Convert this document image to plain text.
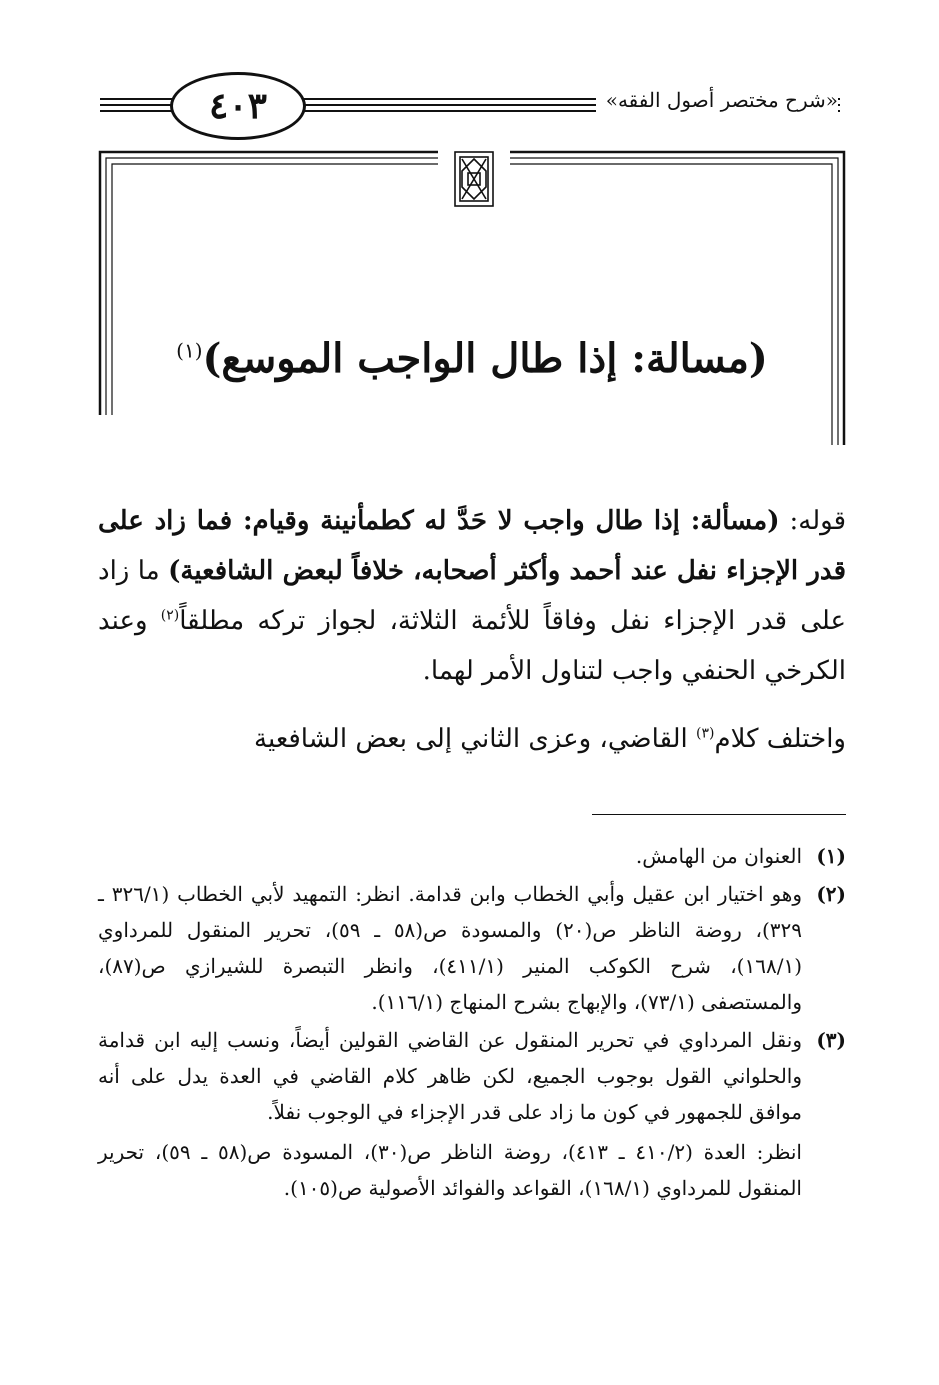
٤٠٣	«شرح مختصر أصول الفقه»
(مسالة: إذا طال الواجب الموسع)$^{(١)}$

قوله: (مسألة: إذا طال واجب لا حَدَّ له كطمأنينة وقيام: فما زاد على قدر الإجزاء نفل عند أحمد وأكثر أصحابه، خلافاً لبعض الشافعية) ما زاد على قدر الإجزاء نفل وفاقاً للأئمة الثلاثة، لجواز تركه مطلقاً$^{(٢)}$ وعند الكرخي الحنفي واجب لتناول الأمر لهما.

واختلف كلام$^{(٣)}$ القاضي، وعزى الثاني إلى بعض الشافعية

(١)
العنوان من الهامش.
(٢)
وهو اختيار ابن عقيل وأبي الخطاب وابن قدامة. انظر: التمهيد لأبي الخطاب (٣٢٦/١ ـ ٣٢٩)، روضة الناظر ص(٢٠) والمسودة ص(٥٨ ـ ٥٩)، تحرير المنقول للمرداوي (١٦٨/١)، شرح الكوكب المنير (٤١١/١)، وانظر التبصرة للشيرازي ص(٨٧)، والمستصفى (٧٣/١)، والإبهاج بشرح المنهاج (١١٦/١).
(٣)
ونقل المرداوي في تحرير المنقول عن القاضي القولين أيضاً، ونسب إليه ابن قدامة والحلواني القول بوجوب الجميع، لكن ظاهر كلام القاضي في العدة يدل على أنه موافق للجمهور في كون ما زاد على قدر الإجزاء في الوجوب نفلاً.
انظر: العدة (٤١٠/٢ ـ ٤١٣)، روضة الناظر ص(٣٠)، المسودة ص(٥٨ ـ ٥٩)، تحرير المنقول للمرداوي (١٦٨/١)، القواعد والفوائد الأصولية ص(١٠٥).
